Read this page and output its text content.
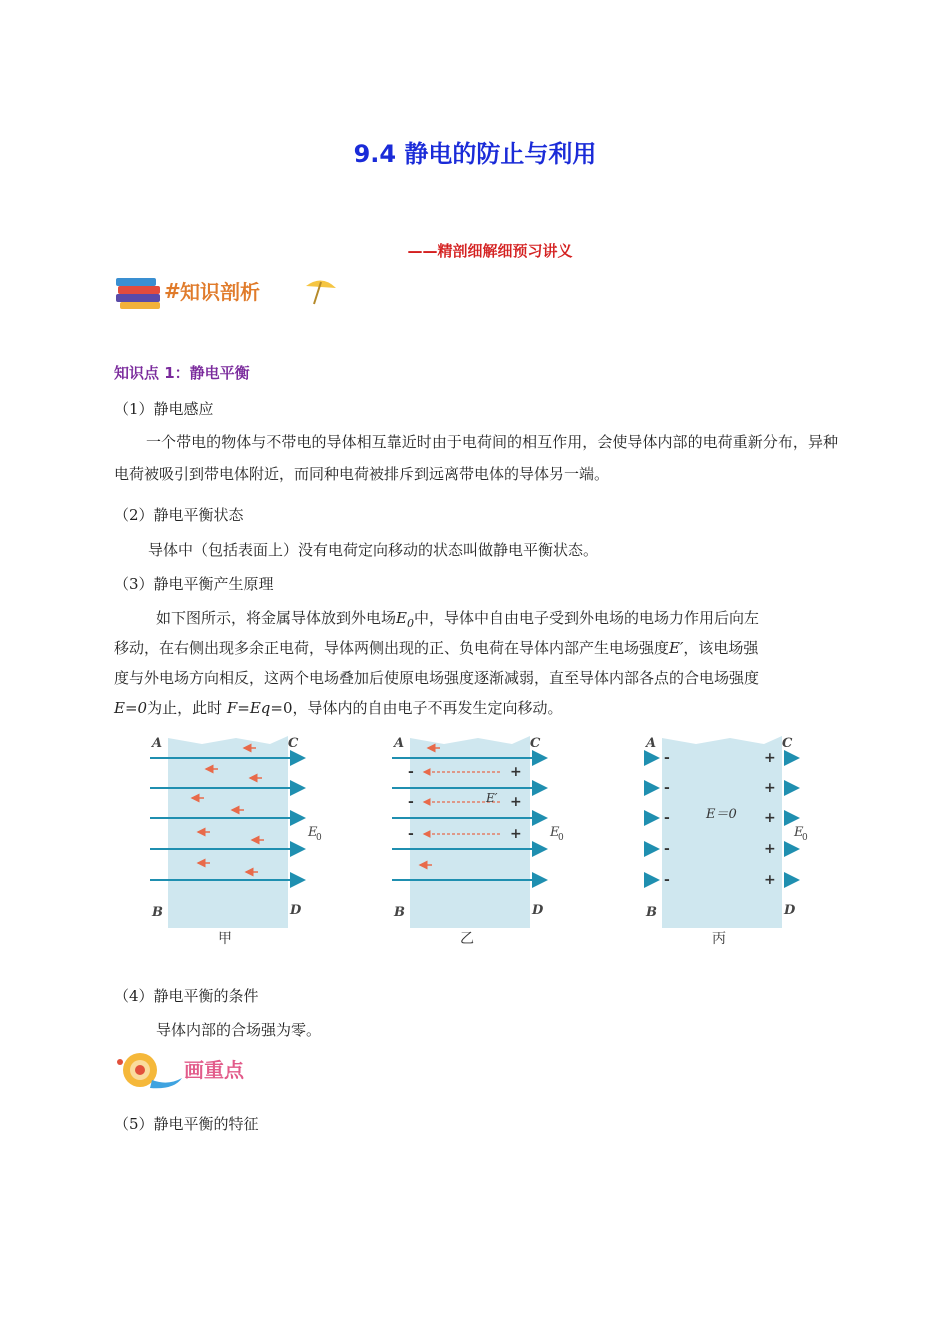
9.4 静电的防止与利用
——精剖细解细预习讲义
# 知识剖析
知识点 1：静电平衡
（1）静电感应
一个带电的物体与不带电的导体相互靠近时由于电荷间的相互作用，会使导体内部的电荷重新分布，异种电荷被吸引到带电体附近，而同种电荷被排斥到远离带电体的导体另一端。
（2）静电平衡状态
导体中（包括表面上）没有电荷定向移动的状态叫做静电平衡状态。
（3）静电平衡产生原理
如下图所示，将金属导体放到外电场$E_0$中，导体中自由电子受到外电场的电场力作用后向左
移动，在右侧出现多余正电荷，导体两侧出现的正、负电荷在导体内部产生电场强度E′，该电场强
度与外电场方向相反，这两个电场叠加后使原电场强度逐渐减弱，直至导体内部各点的合电场强度
E=0为止，此时 F=Eq=0，导体内的自由电子不再发生定向移动。
A	C
B	D
E
0
甲
-
-
-
+
+
+
E′
A	C
B	D
E
0
乙
-
-
-
-
-
+
+
+
+
+
E＝0
A	C
B	D
E
0
丙
（4）静电平衡的条件
导体内部的合场强为零。
画重点
（5）静电平衡的特征
